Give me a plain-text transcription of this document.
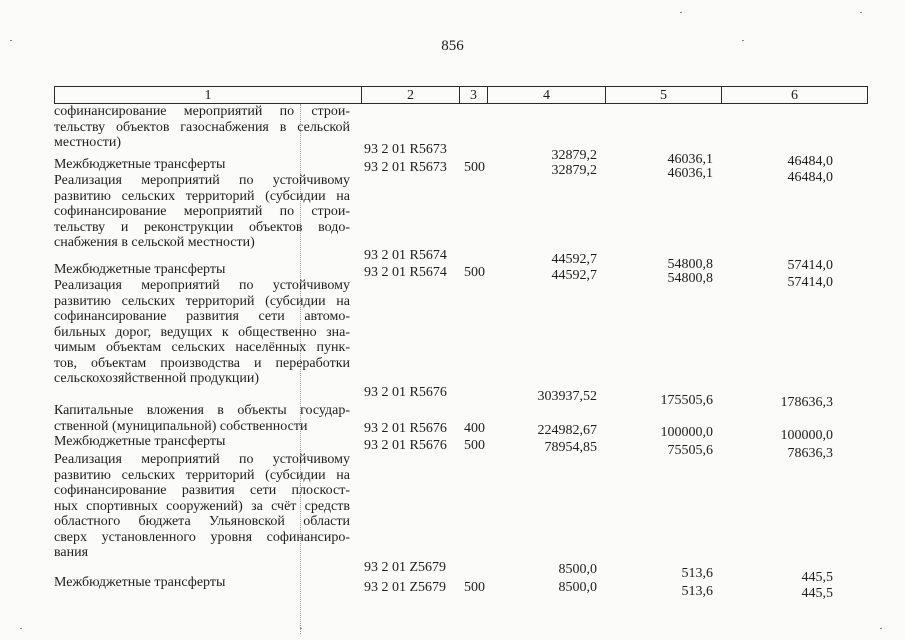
856
1	2	3	4	5	6
софинансирование мероприятий по строи-
тельству объектов газоснабжения в сельской
местности)	93 2 01 R5673	32879,2	46036,1	46484,0
Межбюджетные трансферты	93 2 01 R5673 500	32879,2	46036,1	46484,0
Реализация мероприятий по устойчивому
развитию сельских территорий (субсидии на
софинансирование мероприятий по строи-
тельству и реконструкции объектов водо-
снабжения в сельской местности)
93 2 01 R5674	44592,7	54800,8	57414,0
Межбюджетные трансферты	93 2 01 R5674 500	44592,7	54800,8	57414,0
Реализация мероприятий по устойчивому
развитию сельских территорий (субсидии на
софинансирование развития сети автомо-
бильных дорог, ведущих к общественно зна-
чимым объектам сельских населённых пунк-
тов, объектам производства и переработки
сельскохозяйственной продукции)
93 2 01 R5676	303937,52	175505,6	178636,3
Капитальные вложения в объекты государ-
ственной (муниципальной) собственности	93 2 01 R5676 400	224982,67	100000,0	100000,0
Межбюджетные трансферты	93 2 01 R5676 500	78954,85	75505,6	78636,3
Реализация мероприятий по устойчивому
развитию сельских территорий (субсидии на
софинансирование развития сети плоскост-
ных спортивных сооружений) за счёт средств
областного бюджета Ульяновской области
сверх установленного уровня софинансиро-
вания
93 2 01 Z5679	8500,0	513,6	445,5
Межбюджетные трансферты	93 2 01 Z5679 500	8500,0	513,6	445,5
